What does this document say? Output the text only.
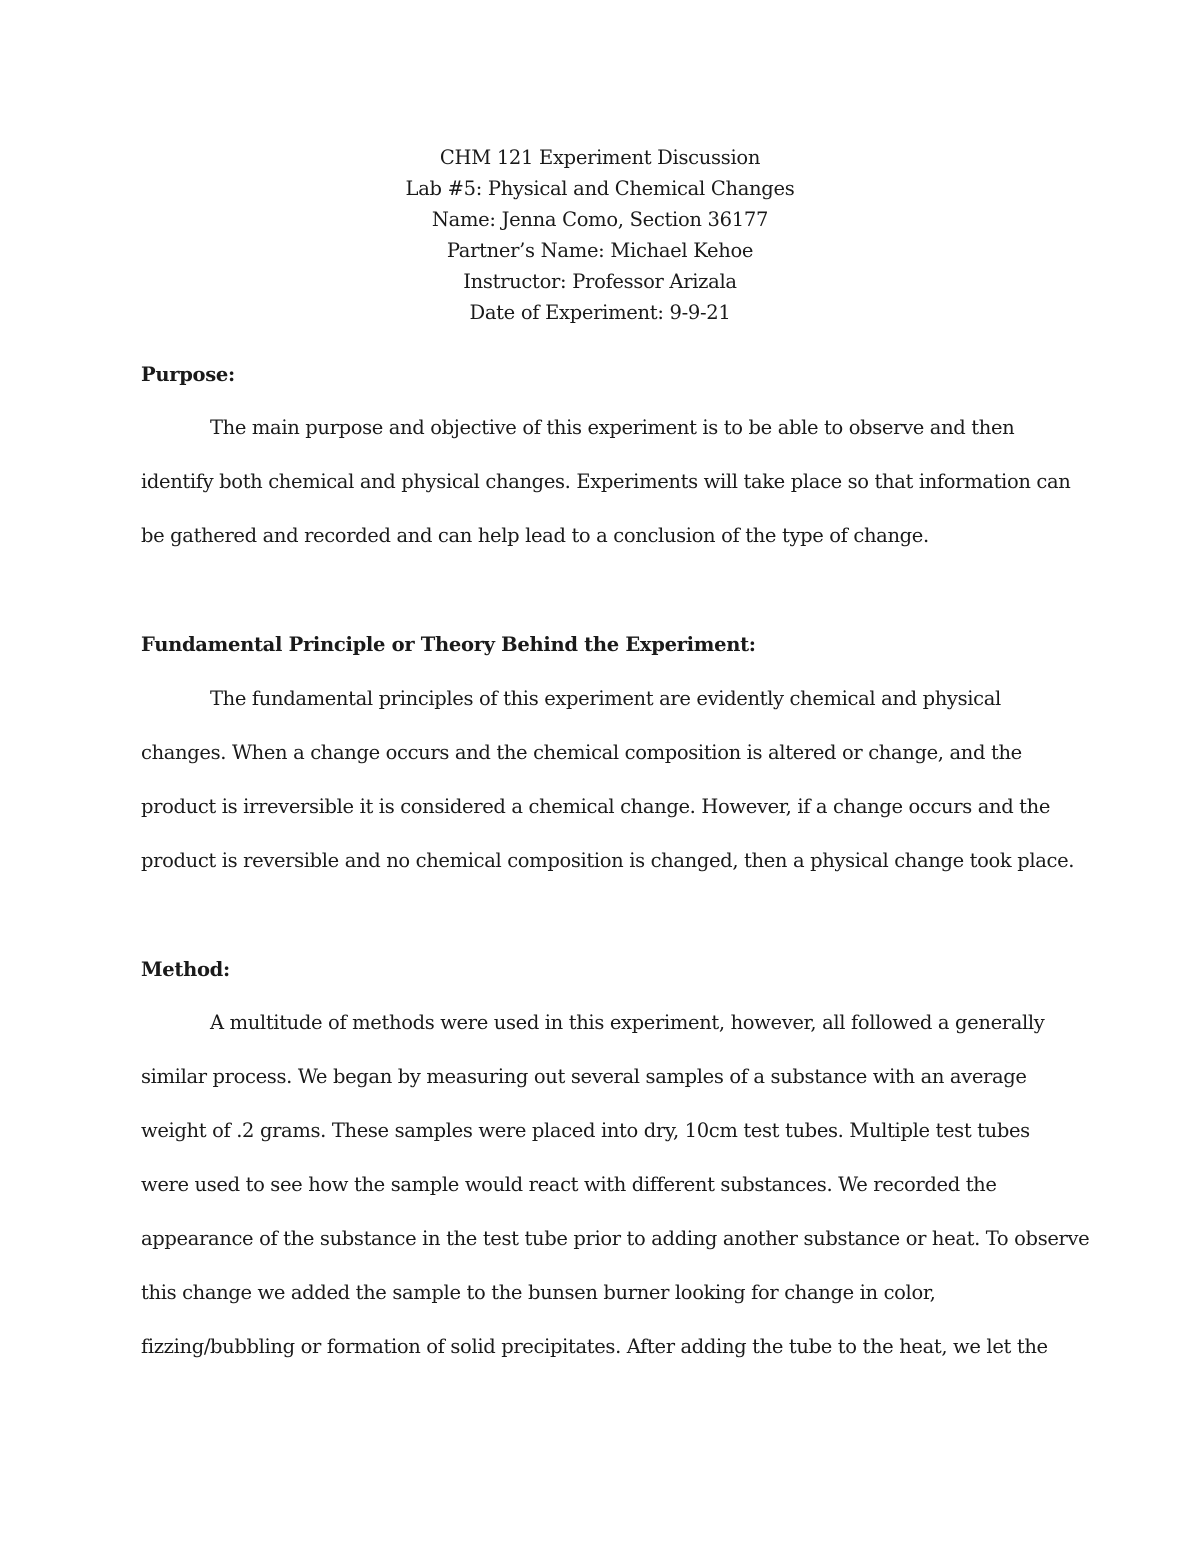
CHM 121 Experiment Discussion
Lab #5: Physical and Chemical Changes
Name: Jenna Como, Section 36177
Partner’s Name: Michael Kehoe
Instructor: Professor Arizala
Date of Experiment: 9-9-21
Purpose:
The main purpose and objective of this experiment is to be able to observe and then
identify both chemical and physical changes. Experiments will take place so that information can
be gathered and recorded and can help lead to a conclusion of the type of change.
Fundamental Principle or Theory Behind the Experiment:
The fundamental principles of this experiment are evidently chemical and physical
changes. When a change occurs and the chemical composition is altered or change, and the
product is irreversible it is considered a chemical change. However, if a change occurs and the
product is reversible and no chemical composition is changed, then a physical change took place.
Method:
A multitude of methods were used in this experiment, however, all followed a generally
similar process. We began by measuring out several samples of a substance with an average
weight of .2 grams. These samples were placed into dry, 10cm test tubes. Multiple test tubes
were used to see how the sample would react with different substances. We recorded the
appearance of the substance in the test tube prior to adding another substance or heat. To observe
this change we added the sample to the bunsen burner looking for change in color,
fizzing/bubbling or formation of solid precipitates. After adding the tube to the heat, we let the
